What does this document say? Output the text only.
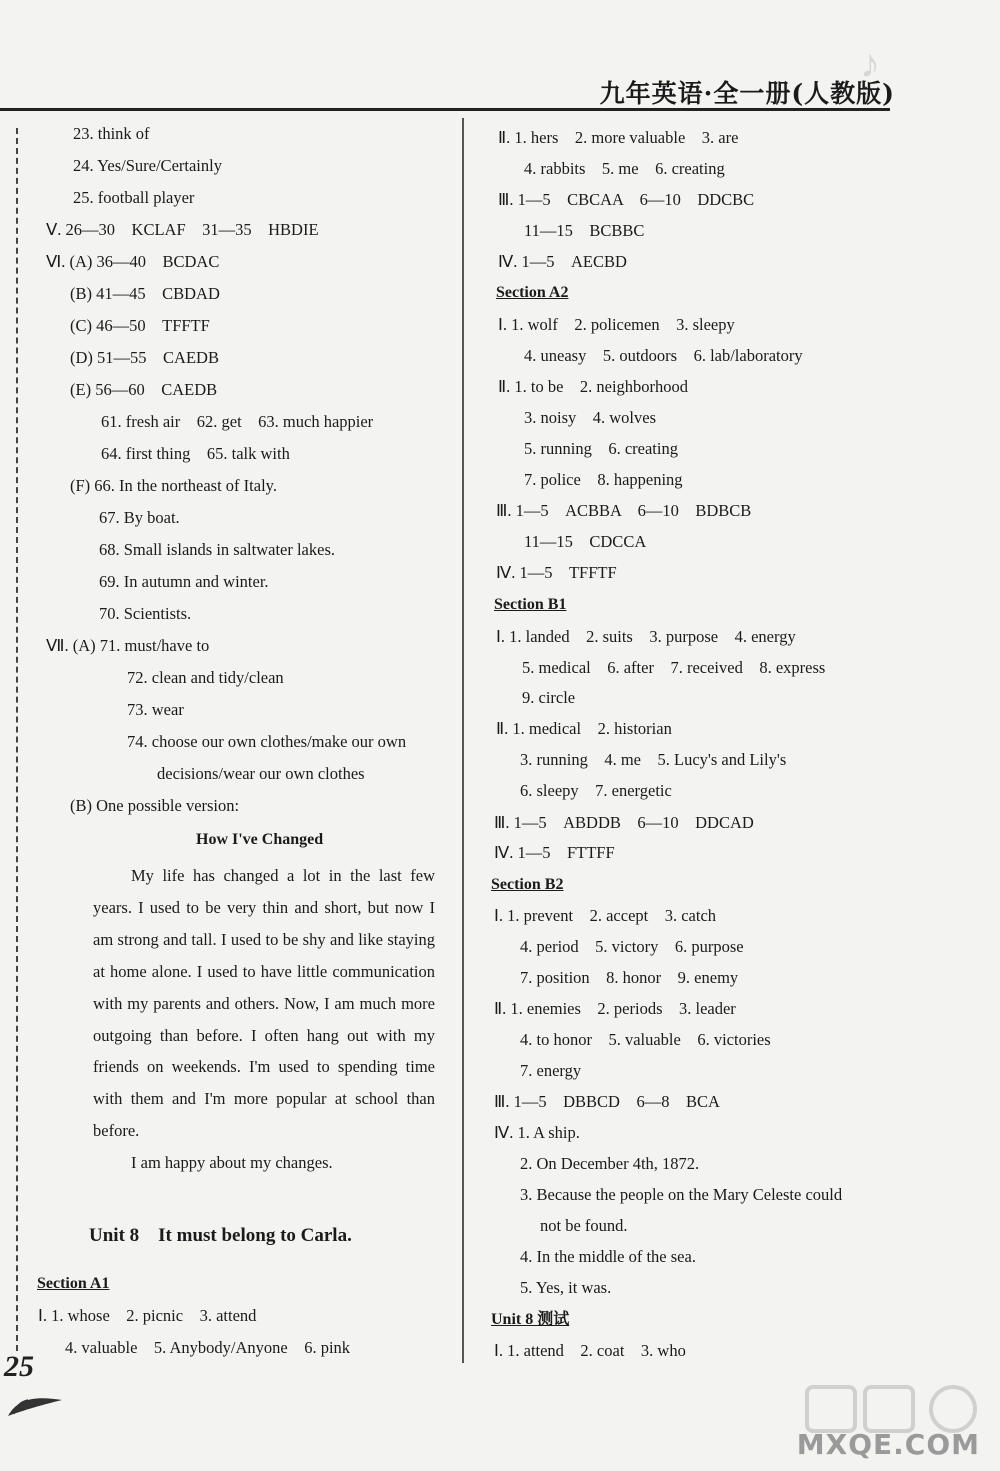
♪
九年英语·全一册(人教版)
23. think of
24. Yes/Sure/Certainly
25. football player
Ⅴ. 26—30　KCLAF　31—35　HBDIE
Ⅵ. (A) 36—40　BCDAC
(B) 41—45　CBDAD
(C) 46—50　TFFTF
(D) 51—55　CAEDB
(E) 56—60　CAEDB
61. fresh air　62. get　63. much happier
64. first thing　65. talk with
(F) 66. In the northeast of Italy.
67. By boat.
68. Small islands in saltwater lakes.
69. In autumn and winter.
70. Scientists.
Ⅶ. (A) 71. must/have to
72. clean and tidy/clean
73. wear
74. choose our own clothes/make our own
decisions/wear our own clothes
(B) One possible version:
How I've Changed

My life has changed a lot in the last few years. I used to be very thin and short, but now I am strong and tall. I used to be shy and like staying at home alone. I used to have little communication with my parents and others. Now, I am much more outgoing than before. I often hang out with my friends on weekends. I'm used to spending time with them and I'm more popular at school than before.

I am happy about my changes.

Unit 8　It must belong to Carla.
Section A1
Ⅰ. 1. whose　2. picnic　3. attend
4. valuable　5. Anybody/Anyone　6. pink
Ⅱ. 1. hers　2. more valuable　3. are
4. rabbits　5. me　6. creating
Ⅲ. 1—5　CBCAA　6—10　DDCBC
11—15　BCBBC
Ⅳ. 1—5　AECBD
Section A2
Ⅰ. 1. wolf　2. policemen　3. sleepy
4. uneasy　5. outdoors　6. lab/laboratory
Ⅱ. 1. to be　2. neighborhood
3. noisy　4. wolves
5. running　6. creating
7. police　8. happening
Ⅲ. 1—5　ACBBA　6—10　BDBCB
11—15　CDCCA
Ⅳ. 1—5　TFFTF
Section B1
Ⅰ. 1. landed　2. suits　3. purpose　4. energy
5. medical　6. after　7. received　8. express
9. circle
Ⅱ. 1. medical　2. historian
3. running　4. me　5. Lucy's and Lily's
6. sleepy　7. energetic
Ⅲ. 1—5　ABDDB　6—10　DDCAD
Ⅳ. 1—5　FTTFF
Section B2
Ⅰ. 1. prevent　2. accept　3. catch
4. period　5. victory　6. purpose
7. position　8. honor　9. enemy
Ⅱ. 1. enemies　2. periods　3. leader
4. to honor　5. valuable　6. victories
7. energy
Ⅲ. 1—5　DBBCD　6—8　BCA
Ⅳ. 1. A ship.
2. On December 4th, 1872.
3. Because the people on the Mary Celeste could
not be found.
4. In the middle of the sea.
5. Yes, it was.
Unit 8 测试
Ⅰ. 1. attend　2. coat　3. who
25
MXQE.COM
